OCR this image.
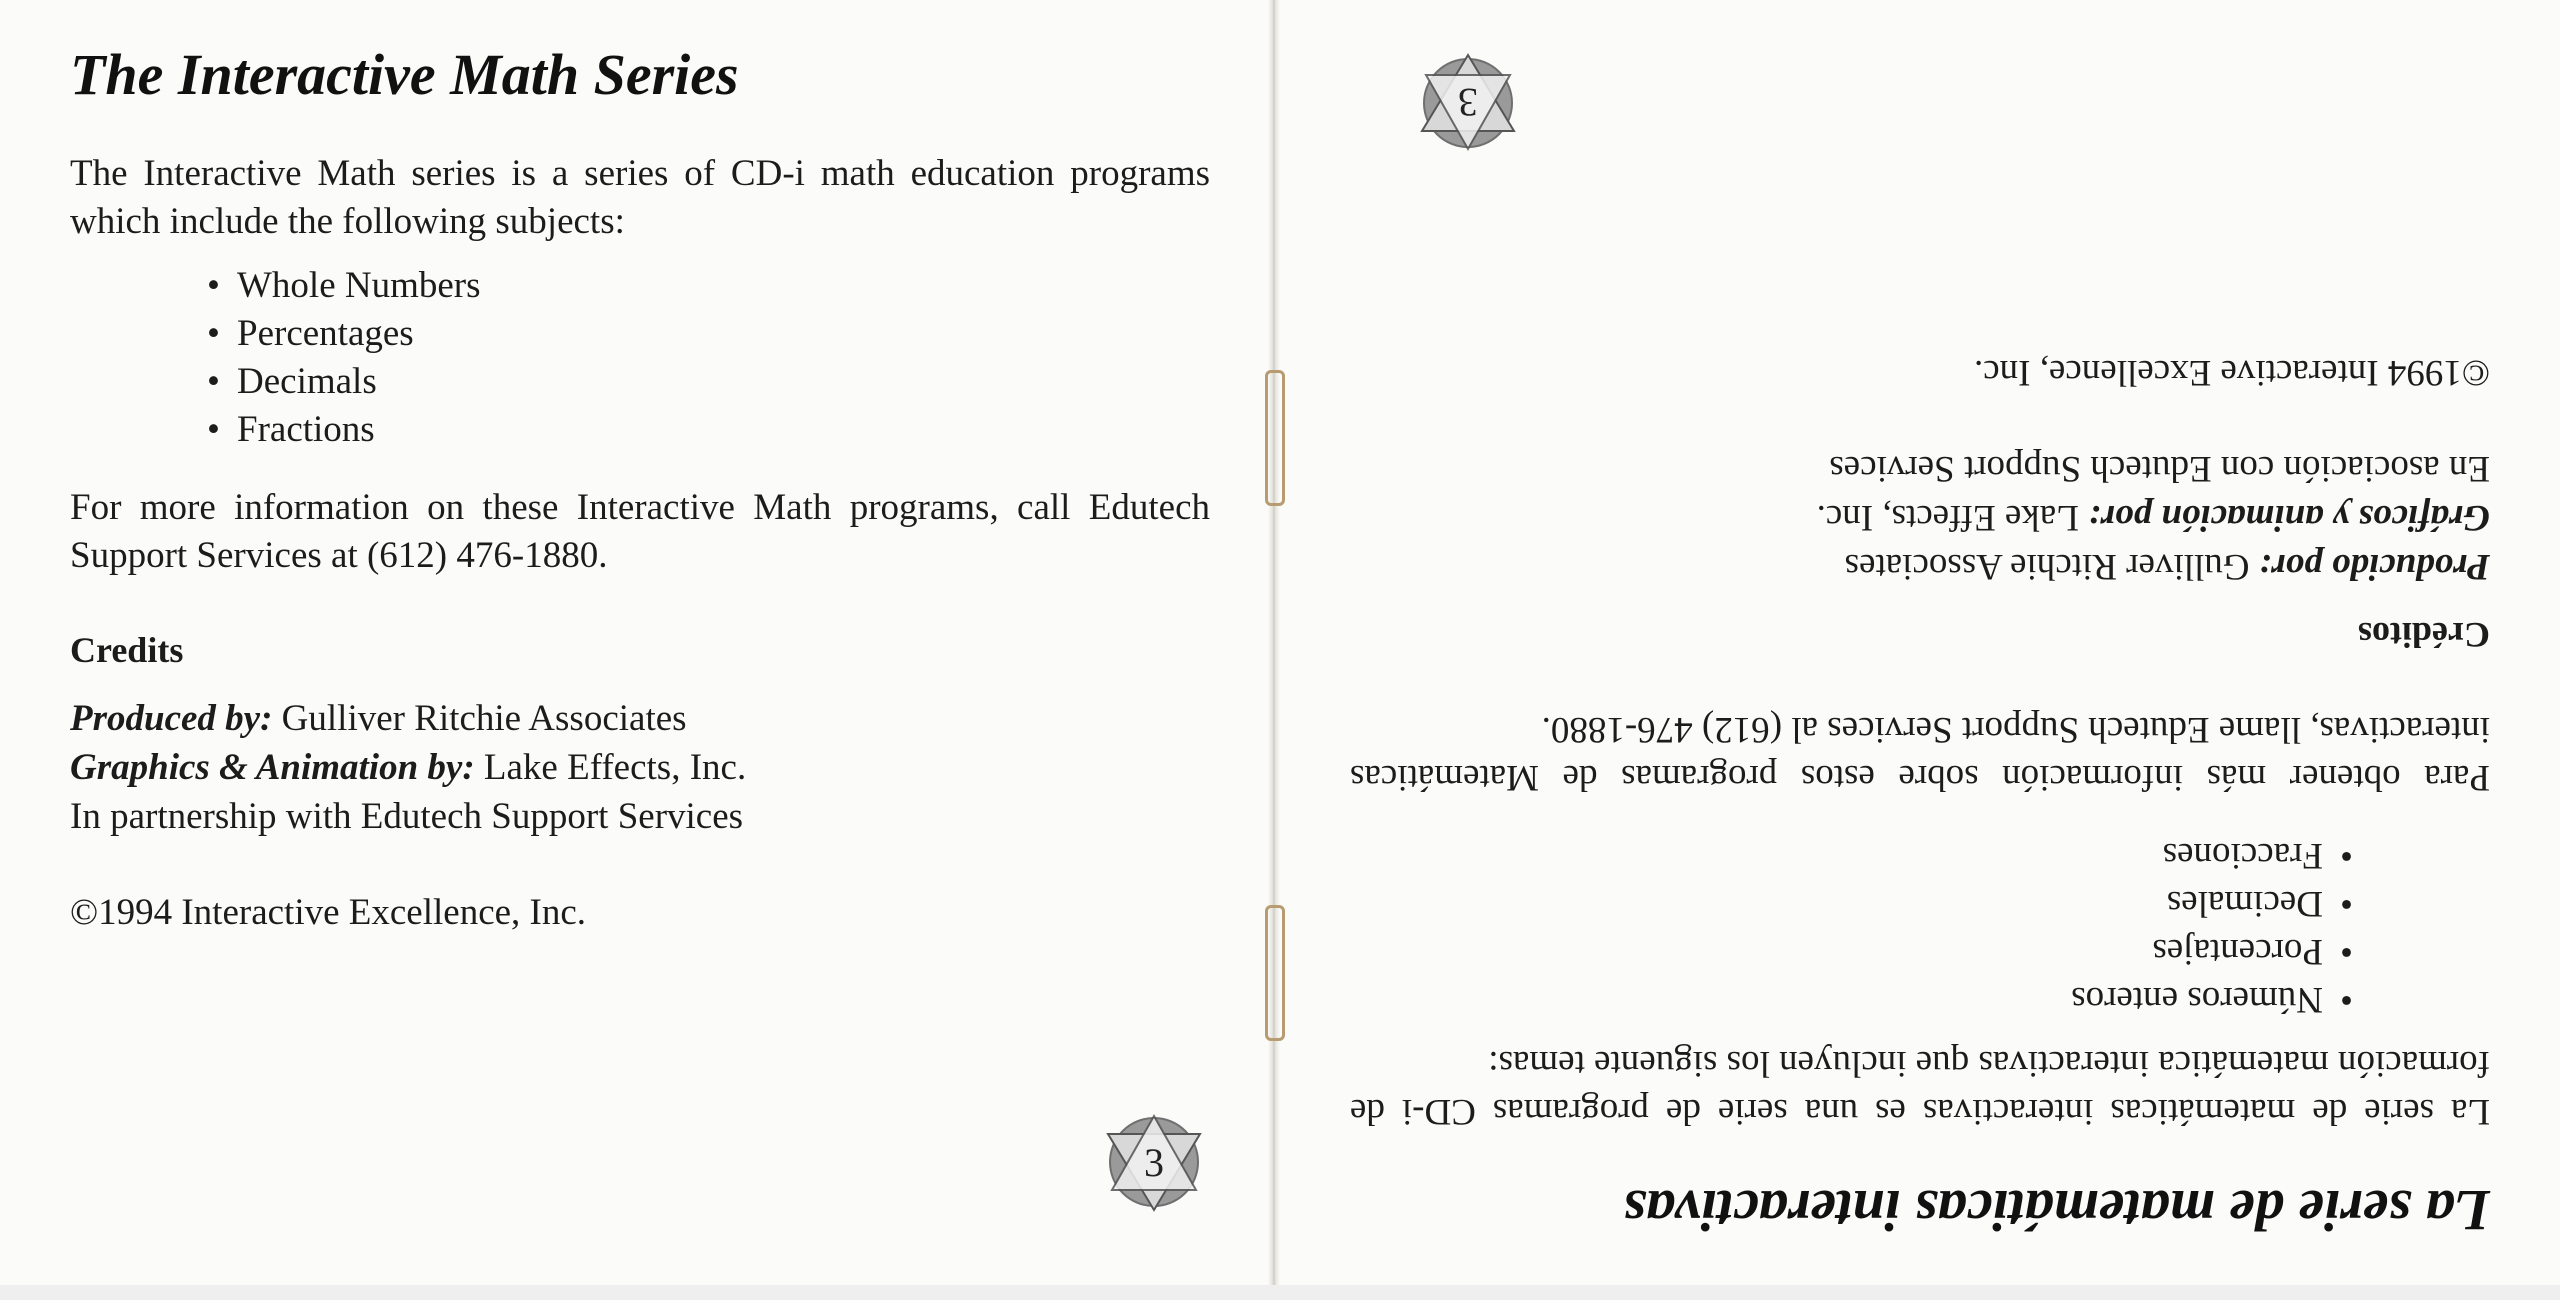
The Interactive Math Series

The Interactive Math series is a series of CD-i math education programs which include the following subjects:

• Whole Numbers
• Percentages
• Decimals
• Fractions

For more information on these Interactive Math programs, call Edutech Support Services at (612) 476-1880.

Credits

Produced by: Gulliver Ritchie Associates

Graphics & Animation by: Lake Effects, Inc.

In partnership with Edutech Support Services

©1994 Interactive Excellence, Inc.

3
La serie de matemáticas interactivas

La serie de matemáticas interactivas es una serie de programas CD-i de formación matemática interactivas que incluyen los siguente temas:

• Números enteros
• Porcentajes
• Decimales
• Fracciones

Para obtener más información sobre estos programas de Matemáticas interactivas, llame Edutech Support Services al (612) 476-1880.

Créditos

Producido por: Gulliver Ritchie Associates

Gráficos y animación por: Lake Effects, Inc.

En asociación con Edutech Support Services

©1994 Interactive Excellence, Inc.

3
